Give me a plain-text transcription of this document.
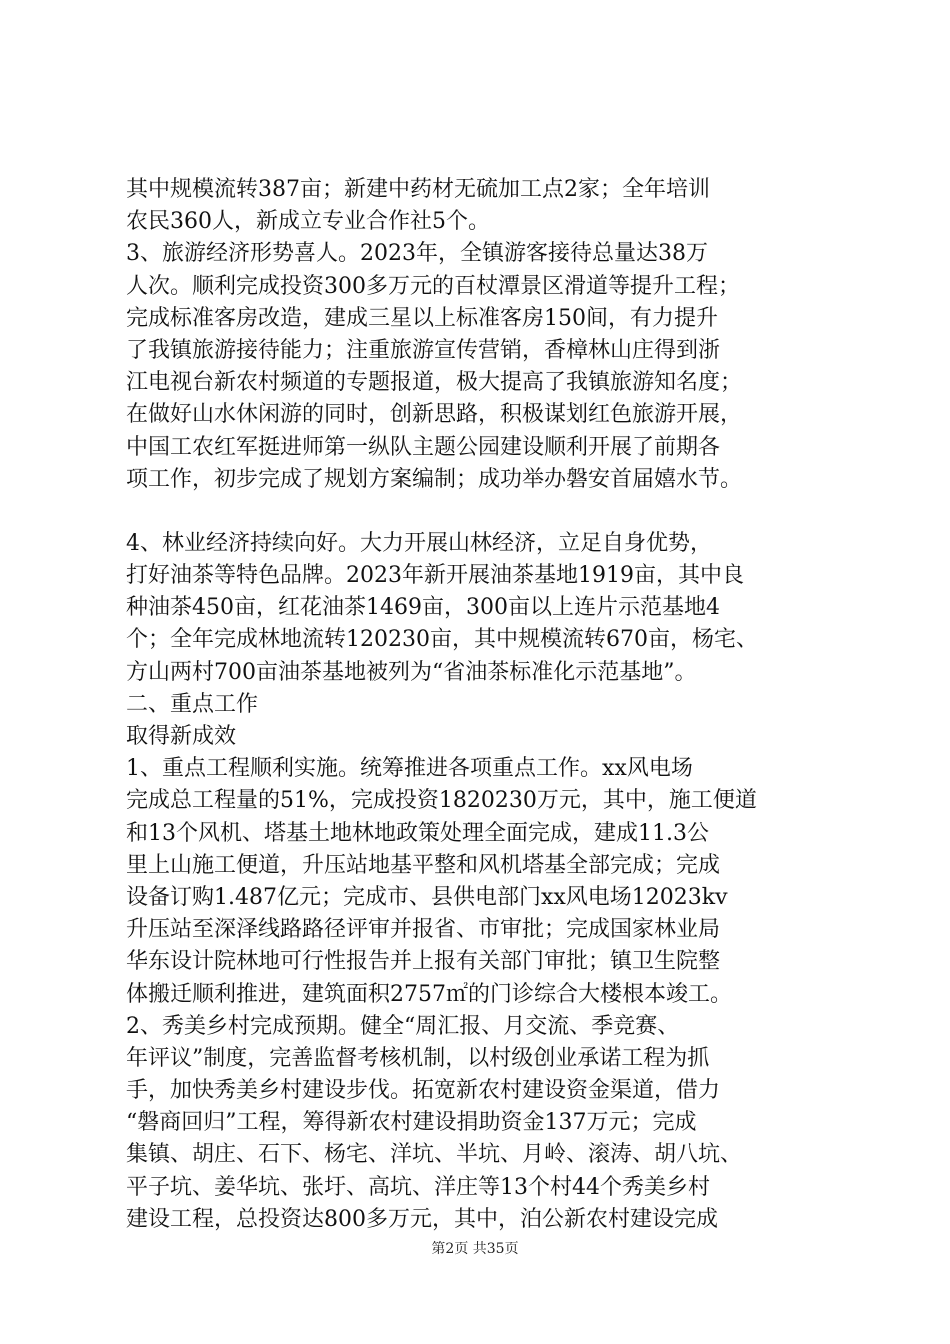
其中规模流转387亩；新建中药材无硫加工点2家；全年培训
农民360人，新成立专业合作社5个。
3、旅游经济形势喜人。2023年，全镇游客接待总量达38万
人次。顺利完成投资300多万元的百杖潭景区滑道等提升工程；
完成标准客房改造，建成三星以上标准客房150间，有力提升
了我镇旅游接待能力；注重旅游宣传营销，香樟林山庄得到浙
江电视台新农村频道的专题报道，极大提高了我镇旅游知名度；
在做好山水休闲游的同时，创新思路，积极谋划红色旅游开展，
中国工农红军挺进师第一纵队主题公园建设顺利开展了前期各
项工作，初步完成了规划方案编制；成功举办磐安首届嬉水节。
4、林业经济持续向好。大力开展山林经济，立足自身优势，
打好油茶等特色品牌。2023年新开展油茶基地1919亩，其中良
种油茶450亩，红花油茶1469亩，300亩以上连片示范基地4
个；全年完成林地流转120230亩，其中规模流转670亩，杨宅、
方山两村700亩油茶基地被列为“省油茶标准化示范基地”。
二、重点工作
取得新成效
1、重点工程顺利实施。统筹推进各项重点工作。xx风电场
完成总工程量的51%，完成投资1820230万元，其中，施工便道
和13个风机、塔基土地林地政策处理全面完成，建成11.3公
里上山施工便道，升压站地基平整和风机塔基全部完成；完成
设备订购1.487亿元；完成市、县供电部门xx风电场12023kv
升压站至深泽线路路径评审并报省、市审批；完成国家林业局
华东设计院林地可行性报告并上报有关部门审批；镇卫生院整
体搬迁顺利推进，建筑面积2757㎡的门诊综合大楼根本竣工。
2、秀美乡村完成预期。健全“周汇报、月交流、季竞赛、
年评议”制度，完善监督考核机制，以村级创业承诺工程为抓
手，加快秀美乡村建设步伐。拓宽新农村建设资金渠道，借力
“磐商回归”工程，筹得新农村建设捐助资金137万元；完成
集镇、胡庄、石下、杨宅、洋坑、半坑、月岭、滚涛、胡八坑、
平子坑、姜华坑、张圩、高坑、洋庄等13个村44个秀美乡村
建设工程，总投资达800多万元，其中，泊公新农村建设完成
第2页 共35页
